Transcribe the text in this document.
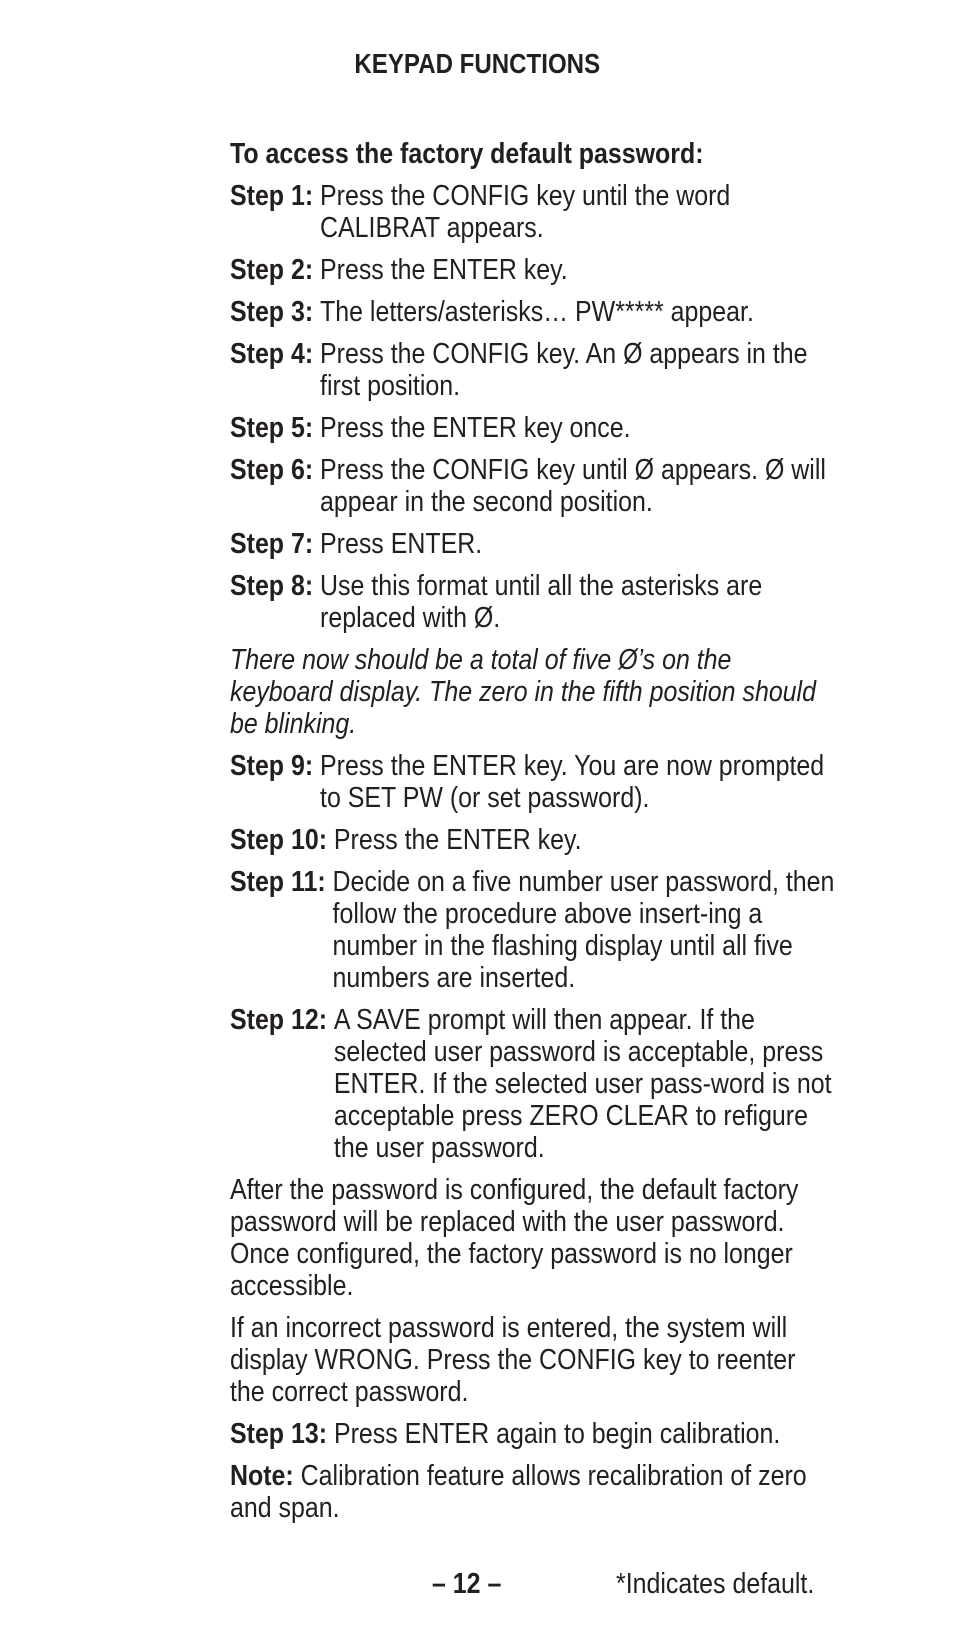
KEYPAD FUNCTIONS
To access the factory default password:
Step 1: Press the CONFIG key until the word CALIBRAT appears.
Step 2: Press the ENTER key.
Step 3: The letters/asterisks… PW***** appear.
Step 4: Press the CONFIG key. An Ø appears in the first position.
Step 5: Press the ENTER key once.
Step 6: Press the CONFIG key until Ø appears. Ø will appear in the second position.
Step 7: Press ENTER.
Step 8: Use this format until all the asterisks are replaced with Ø.
There now should be a total of five Ø’s on the keyboard display. The zero in the fifth position should be blinking.
Step 9: Press the ENTER key. You are now prompted to SET PW (or set password).
Step 10: Press the ENTER key.
Step 11: Decide on a five number user password, then follow the procedure above insert-ing a number in the flashing display until all five numbers are inserted.
Step 12: A SAVE prompt will then appear. If the selected user password is acceptable, press ENTER. If the selected user pass-word is not acceptable press ZERO CLEAR to refigure the user password.
After the password is configured, the default factory password will be replaced with the user password. Once configured, the factory password is no longer accessible.
If an incorrect password is entered, the system will display WRONG. Press the CONFIG key to reenter the correct password.
Step 13: Press ENTER again to begin calibration.
Note: Calibration feature allows recalibration of zero and span.
– 12 –	*Indicates default.
